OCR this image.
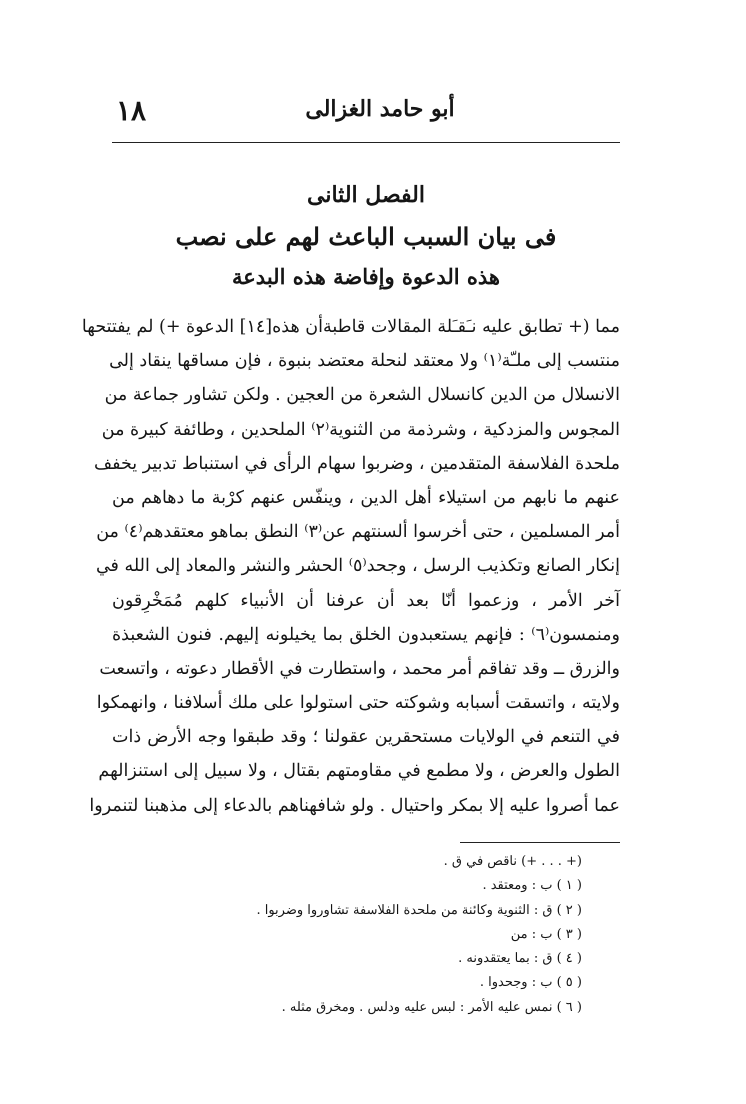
١٨	أبو حامد الغزالى
الفصل الثانى
فى بيان السبب الباعث لهم على نصب
هذه الدعوة وإفاضة هذه البدعة
مما (+ تطابق عليه نـَقـَلة المقالات قاطبةأن هذه[١٤] الدعوة +) لم يفتتحها
منتسب إلى ملـّة⁽١⁾ ولا معتقد لنحلة معتضد بنبوة ، فإن مساقها ينقاد إلى
الانسلال من الدين كانسلال الشعرة من العجين . ولكن تشاور جماعة من
المجوس والمزدكية ، وشرذمة من الثنوية⁽٢⁾ الملحدين ، وطائفة كبيرة من
ملحدة الفلاسفة المتقدمين ، وضربوا سهام الرأى في استنباط تدبير يخفف
عنهم ما نابهم من استيلاء أهل الدين ، وينفّس عنهم كرْبة ما دهاهم من
أمر المسلمين ، حتى أخرسوا ألسنتهم عن⁽٣⁾ النطق بماهو معتقدهم⁽٤⁾ من
إنكار الصانع وتكذيب الرسل ، وجحد⁽٥⁾ الحشر والنشر والمعاد إلى الله في
آخر الأمر ، وزعموا أنّا بعد أن عرفنا أن الأنبياء كلهم مُمَخْرِقون
ومنمسون⁽٦⁾ : فإنهم يستعبدون الخلق بما يخيلونه إليهم. فنون الشعبذة
والزرق ــ وقد تفاقم أمر محمد ، واستطارت في الأقطار دعوته ، واتسعت
ولايته ، واتسقت أسبابه وشوكته حتى استولوا على ملك أسلافنا ، وانهمكوا
في التنعم في الولايات مستحقرين عقولنا ؛ وقد طبقوا وجه الأرض ذات
الطول والعرض ، ولا مطمع في مقاومتهم بقتال ، ولا سبيل إلى استنزالهم
عما أصروا عليه إلا بمكر واحتيال . ولو شافهناهم بالدعاء إلى مذهبنا لتنمروا
(+ . . . +) ناقص في ق .
( ١ ) ب : ومعتقد .
( ٢ ) ق : الثنوية وكائنة من ملحدة الفلاسفة تشاوروا وضربوا .
( ٣ ) ب : من
( ٤ ) ق : بما يعتقدونه .
( ٥ ) ب : وجحدوا .
( ٦ ) نمس عليه الأمر : لبس عليه ودلس . ومخرق مثله .
